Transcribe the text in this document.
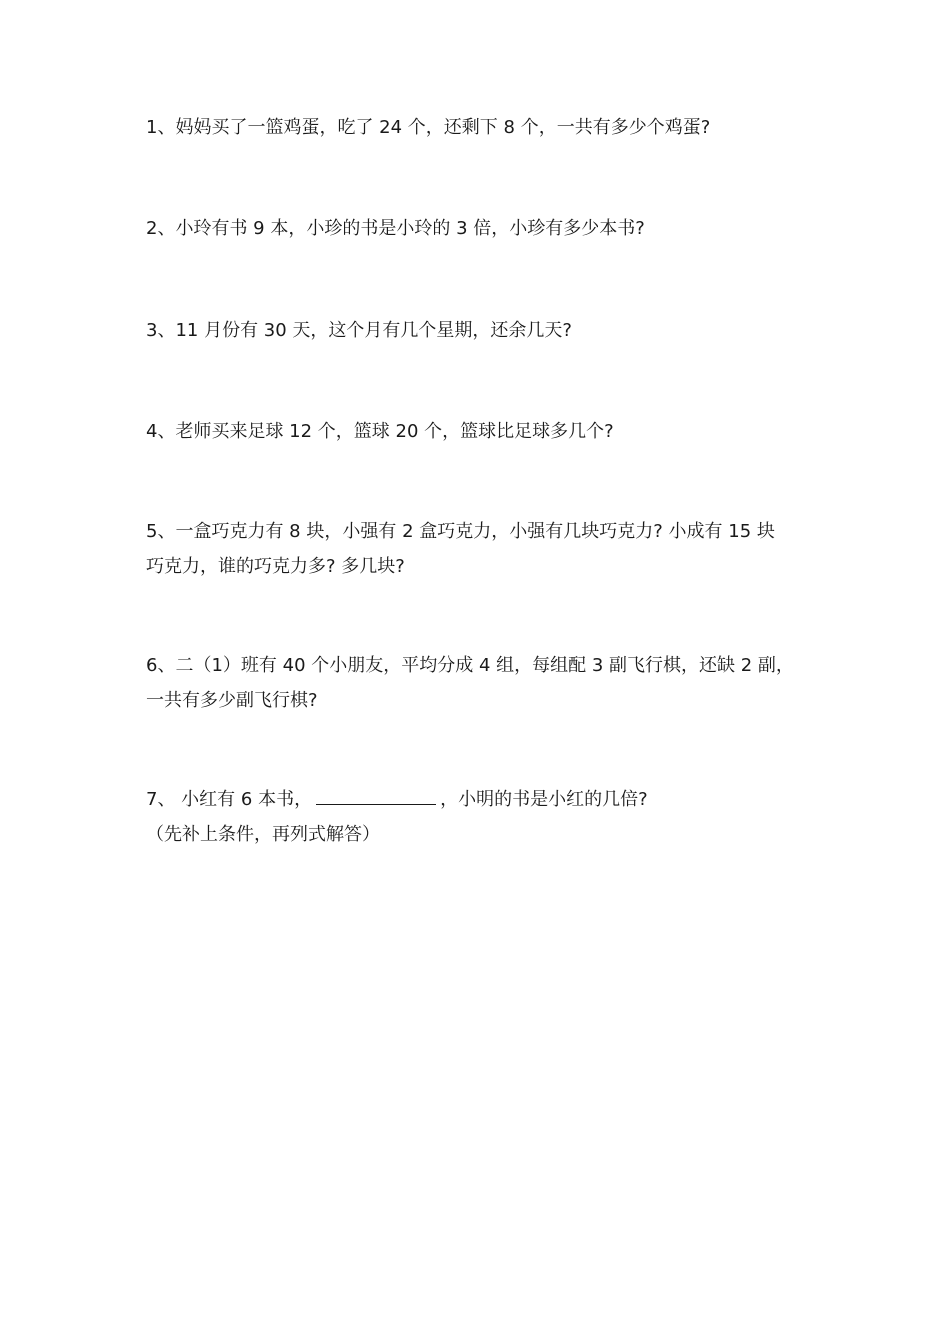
1、妈妈买了一篮鸡蛋，吃了 24 个，还剩下 8 个，一共有多少个鸡蛋?
2、小玲有书 9 本，小珍的书是小玲的 3 倍，小珍有多少本书?
3、11 月份有 30 天，这个月有几个星期，还余几天?
4、老师买来足球 12 个，篮球 20 个，篮球比足球多几个?
5、一盒巧克力有 8 块，小强有 2 盒巧克力，小强有几块巧克力? 小成有 15 块
巧克力，谁的巧克力多? 多几块?
6、二（1）班有 40 个小朋友，平均分成 4 组，每组配 3 副飞行棋，还缺 2 副，
一共有多少副飞行棋?
7、 小红有 6 本书，	，小明的书是小红的几倍?
（先补上条件，再列式解答）
